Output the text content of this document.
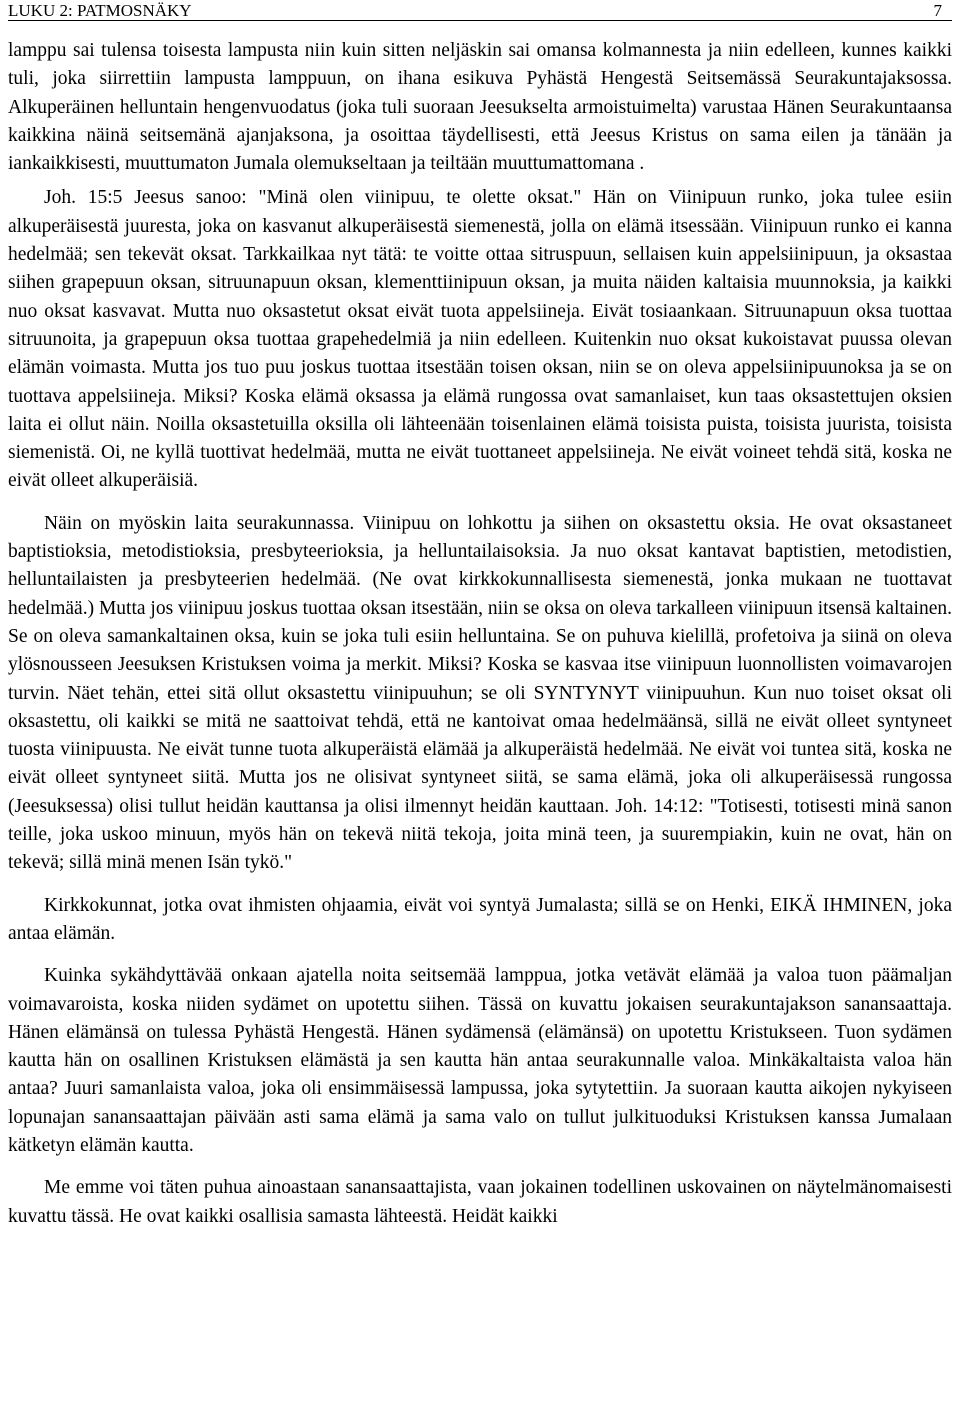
LUKU 2: PATMOSNÄKY	7

lamppu sai tulensa toisesta lampusta niin kuin sitten neljäskin sai omansa kolmannesta ja niin edelleen, kunnes kaikki tuli, joka siirrettiin lampusta lamppuun, on ihana esikuva Pyhästä Hengestä Seitsemässä Seurakuntajaksossa. Alkuperäinen helluntain hengenvuodatus (joka tuli suoraan Jeesukselta armoistuimelta) varustaa Hänen Seurakuntaansa kaikkina näinä seitsemänä ajanjaksona, ja osoittaa täydellisesti, että Jeesus Kristus on sama eilen ja tänään ja iankaikkisesti, muuttumaton Jumala olemukseltaan ja teiltään muuttumattomana .

Joh. 15:5 Jeesus sanoo: "Minä olen viinipuu, te olette oksat." Hän on Viinipuun runko, joka tulee esiin alkuperäisestä juuresta, joka on kasvanut alkuperäisestä siemenestä, jolla on elämä itsessään. Viinipuun runko ei kanna hedelmää; sen tekevät oksat. Tarkkailkaa nyt tätä: te voitte ottaa sitruspuun, sellaisen kuin appelsiinipuun, ja oksastaa siihen grapepuun oksan, sitruunapuun oksan, klementtiinipuun oksan, ja muita näiden kaltaisia muunnoksia, ja kaikki nuo oksat kasvavat. Mutta nuo oksastetut oksat eivät tuota appelsiineja. Eivät tosiaankaan. Sitruunapuun oksa tuottaa sitruunoita, ja grapepuun oksa tuottaa grapehedelmiä ja niin edelleen. Kuitenkin nuo oksat kukoistavat puussa olevan elämän voimasta. Mutta jos tuo puu joskus tuottaa itsestään toisen oksan, niin se on oleva appelsiinipuunoksa ja se on tuottava appelsiineja. Miksi? Koska elämä oksassa ja elämä rungossa ovat samanlaiset, kun taas oksastettujen oksien laita ei ollut näin. Noilla oksastetuilla oksilla oli lähteenään toisenlainen elämä toisista puista, toisista juurista, toisista siemenistä. Oi, ne kyllä tuottivat hedelmää, mutta ne eivät tuottaneet appelsiineja. Ne eivät voineet tehdä sitä, koska ne eivät olleet alkuperäisiä.

Näin on myöskin laita seurakunnassa. Viinipuu on lohkottu ja siihen on oksastettu oksia. He ovat oksastaneet baptistioksia, metodistioksia, presbyteerioksia, ja helluntailaisoksia. Ja nuo oksat kantavat baptistien, metodistien, helluntailaisten ja presbyteerien hedelmää. (Ne ovat kirkkokunnallisesta siemenestä, jonka mukaan ne tuottavat hedelmää.) Mutta jos viinipuu joskus tuottaa oksan itsestään, niin se oksa on oleva tarkalleen viinipuun itsensä kaltainen. Se on oleva samankaltainen oksa, kuin se joka tuli esiin helluntaina. Se on puhuva kielillä, profetoiva ja siinä on oleva ylösnousseen Jeesuksen Kristuksen voima ja merkit. Miksi? Koska se kasvaa itse viinipuun luonnollisten voimavarojen turvin. Näet tehän, ettei sitä ollut oksastettu viinipuuhun; se oli SYNTYNYT viinipuuhun. Kun nuo toiset oksat oli oksastettu, oli kaikki se mitä ne saattoivat tehdä, että ne kantoivat omaa hedelmäänsä, sillä ne eivät olleet syntyneet tuosta viinipuusta. Ne eivät tunne tuota alkuperäistä elämää ja alkuperäistä hedelmää. Ne eivät voi tuntea sitä, koska ne eivät olleet syntyneet siitä. Mutta jos ne olisivat syntyneet siitä, se sama elämä, joka oli alkuperäisessä rungossa (Jeesuksessa) olisi tullut heidän kauttansa ja olisi ilmennyt heidän kauttaan. Joh. 14:12: "Totisesti, totisesti minä sanon teille, joka uskoo minuun, myös hän on tekevä niitä tekoja, joita minä teen, ja suurempiakin, kuin ne ovat, hän on tekevä; sillä minä menen Isän tykö."

Kirkkokunnat, jotka ovat ihmisten ohjaamia, eivät voi syntyä Jumalasta; sillä se on Henki, EIKÄ IHMINEN, joka antaa elämän.

Kuinka sykähdyttävää onkaan ajatella noita seitsemää lamppua, jotka vetävät elämää ja valoa tuon päämaljan voimavaroista, koska niiden sydämet on upotettu siihen. Tässä on kuvattu jokaisen seurakuntajakson sanansaattaja. Hänen elämänsä on tulessa Pyhästä Hengestä. Hänen sydämensä (elämänsä) on upotettu Kristukseen. Tuon sydämen kautta hän on osallinen Kristuksen elämästä ja sen kautta hän antaa seurakunnalle valoa. Minkäkaltaista valoa hän antaa? Juuri samanlaista valoa, joka oli ensimmäisessä lampussa, joka sytytettiin. Ja suoraan kautta aikojen nykyiseen lopunajan sanansaattajan päivään asti sama elämä ja sama valo on tullut julkituoduksi Kristuksen kanssa Jumalaan kätketyn elämän kautta.

Me emme voi täten puhua ainoastaan sanansaattajista, vaan jokainen todellinen uskovainen on näytelmänomaisesti kuvattu tässä. He ovat kaikki osallisia samasta lähteestä. Heidät kaikki
